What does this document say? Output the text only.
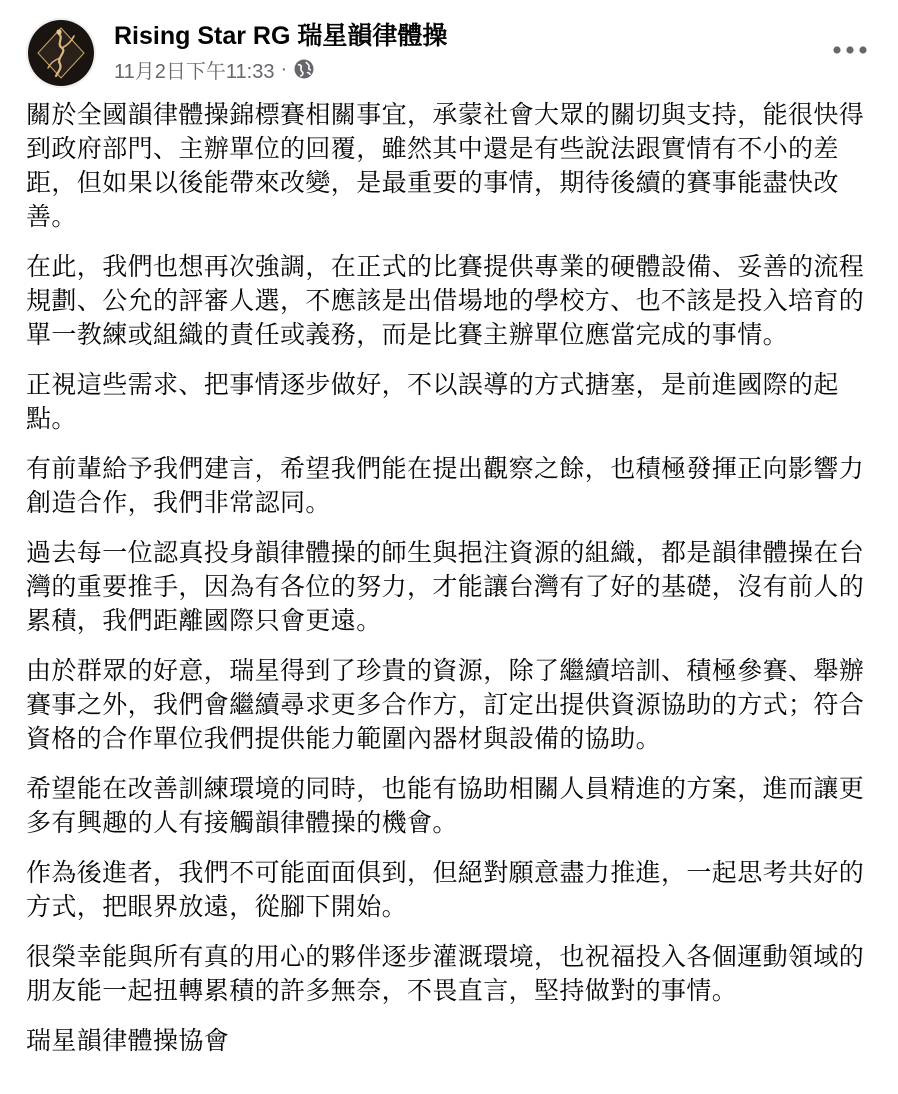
Rising Star RG 瑞星韻律體操
11月2日下午11:33 ·

關於全國韻律體操錦標賽相關事宜，承蒙社會大眾的關切與支持，能很快得到政府部門、主辦單位的回覆，雖然其中還是有些說法跟實情有不小的差距，但如果以後能帶來改變，是最重要的事情，期待後續的賽事能盡快改善。

在此，我們也想再次強調，在正式的比賽提供專業的硬體設備、妥善的流程規劃、公允的評審人選，不應該是出借場地的學校方、也不該是投入培育的單一教練或組織的責任或義務，而是比賽主辦單位應當完成的事情。

正視這些需求、把事情逐步做好，不以誤導的方式搪塞，是前進國際的起點。

有前輩給予我們建言，希望我們能在提出觀察之餘，也積極發揮正向影響力創造合作，我們非常認同。

過去每一位認真投身韻律體操的師生與挹注資源的組織，都是韻律體操在台灣的重要推手，因為有各位的努力，才能讓台灣有了好的基礎，沒有前人的累積，我們距離國際只會更遠。

由於群眾的好意，瑞星得到了珍貴的資源，除了繼續培訓、積極參賽、舉辦賽事之外，我們會繼續尋求更多合作方，訂定出提供資源協助的方式；符合資格的合作單位我們提供能力範圍內器材與設備的協助。

希望能在改善訓練環境的同時，也能有協助相關人員精進的方案，進而讓更多有興趣的人有接觸韻律體操的機會。

作為後進者，我們不可能面面俱到，但絕對願意盡力推進，一起思考共好的方式，把眼界放遠，從腳下開始。

很榮幸能與所有真的用心的夥伴逐步灌溉環境，也祝福投入各個運動領域的朋友能一起扭轉累積的許多無奈，不畏直言，堅持做對的事情。

瑞星韻律體操協會
